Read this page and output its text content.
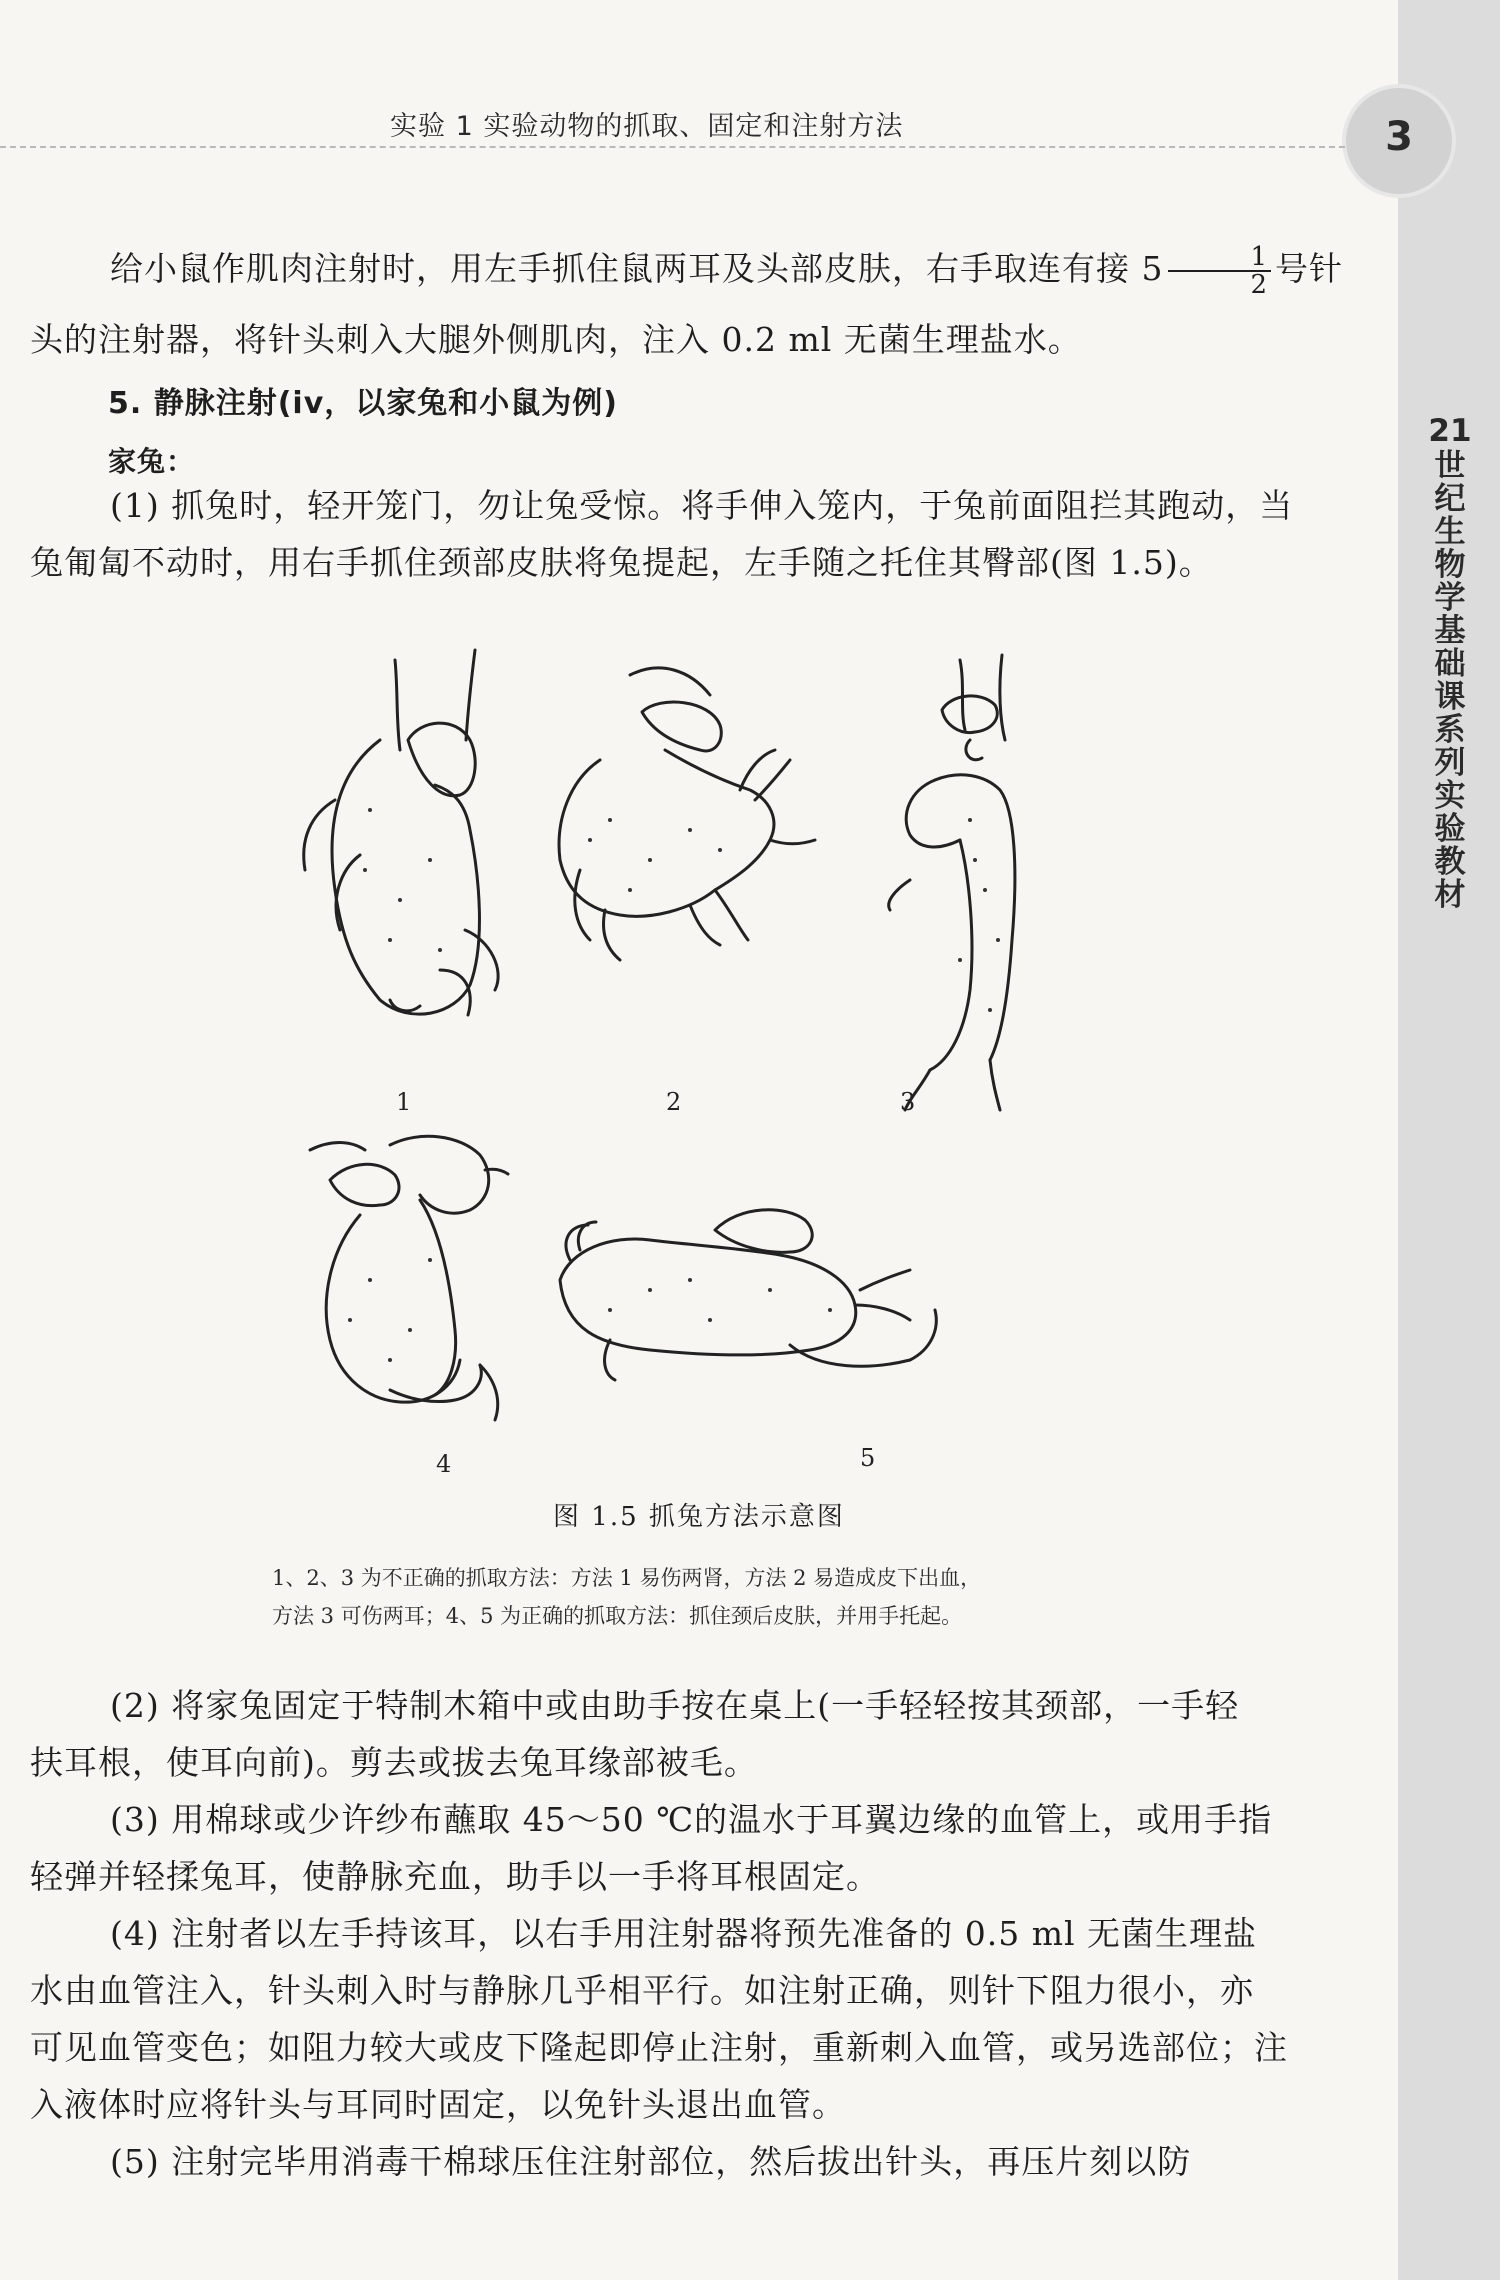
21
世
纪
生
物
学
基
础
课
系
列
实
验
教
材
3
实验 1 实验动物的抓取、固定和注射方法
给小鼠作肌肉注射时，用左手抓住鼠两耳及头部皮肤，右手取连有接 $5 \frac{1}{2}$ 号针
头的注射器，将针头刺入大腿外侧肌肉，注入 0.2 ml 无菌生理盐水。
5. 静脉注射(iv，以家兔和小鼠为例)
家兔：
(1) 抓兔时，轻开笼门，勿让兔受惊。将手伸入笼内，于兔前面阻拦其跑动，当
兔匍匐不动时，用右手抓住颈部皮肤将兔提起，左手随之托住其臀部(图 1.5)。
1	2	3
4	5
图 1.5 抓兔方法示意图
1、2、3 为不正确的抓取方法：方法 1 易伤两肾，方法 2 易造成皮下出血，
方法 3 可伤两耳；4、5 为正确的抓取方法：抓住颈后皮肤，并用手托起。
(2) 将家兔固定于特制木箱中或由助手按在桌上(一手轻轻按其颈部，一手轻
扶耳根，使耳向前)。剪去或拔去兔耳缘部被毛。
(3) 用棉球或少许纱布蘸取 45～50 ℃的温水于耳翼边缘的血管上，或用手指
轻弹并轻揉兔耳，使静脉充血，助手以一手将耳根固定。
(4) 注射者以左手持该耳，以右手用注射器将预先准备的 0.5 ml 无菌生理盐
水由血管注入，针头刺入时与静脉几乎相平行。如注射正确，则针下阻力很小，亦
可见血管变色；如阻力较大或皮下隆起即停止注射，重新刺入血管，或另选部位；注
入液体时应将针头与耳同时固定，以免针头退出血管。
(5) 注射完毕用消毒干棉球压住注射部位，然后拔出针头，再压片刻以防
